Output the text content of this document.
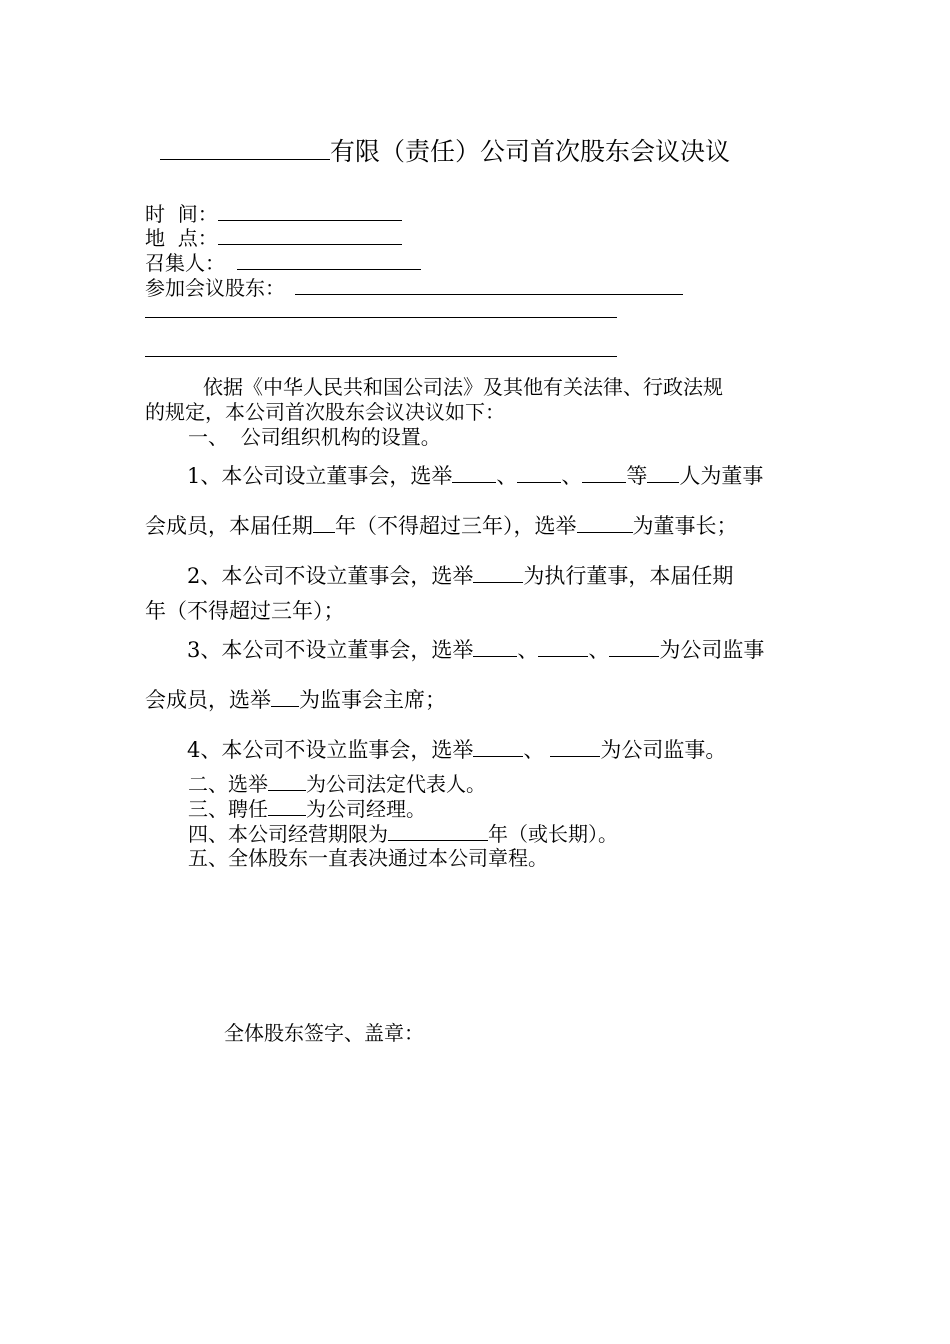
有限（责任）公司首次股东会议决议
时  间：
地  点：
召集人：
参加会议股东：
依据《中华人民共和国公司法》及其他有关法律、行政法规
的规定，本公司首次股东会议决议如下：
一、  公司组织机构的设置。
1、本公司设立董事会，选举 、 、 等 人为董事
会成员，本届任期 年（不得超过三年），选举	为董事长；
2、本公司不设立董事会，选举 为执行董事，本届任期
年（不得超过三年）；
3、本公司不设立董事会，选举 、 、 为公司监事
会成员，选举 为监事会主席；
4、本公司不设立监事会，选举 、	为公司监事。
二、选举 为公司法定代表人。
三、聘任 为公司经理。
四、本公司经营期限为	年（或长期）。
五、全体股东一直表决通过本公司章程。
全体股东签字、盖章：
